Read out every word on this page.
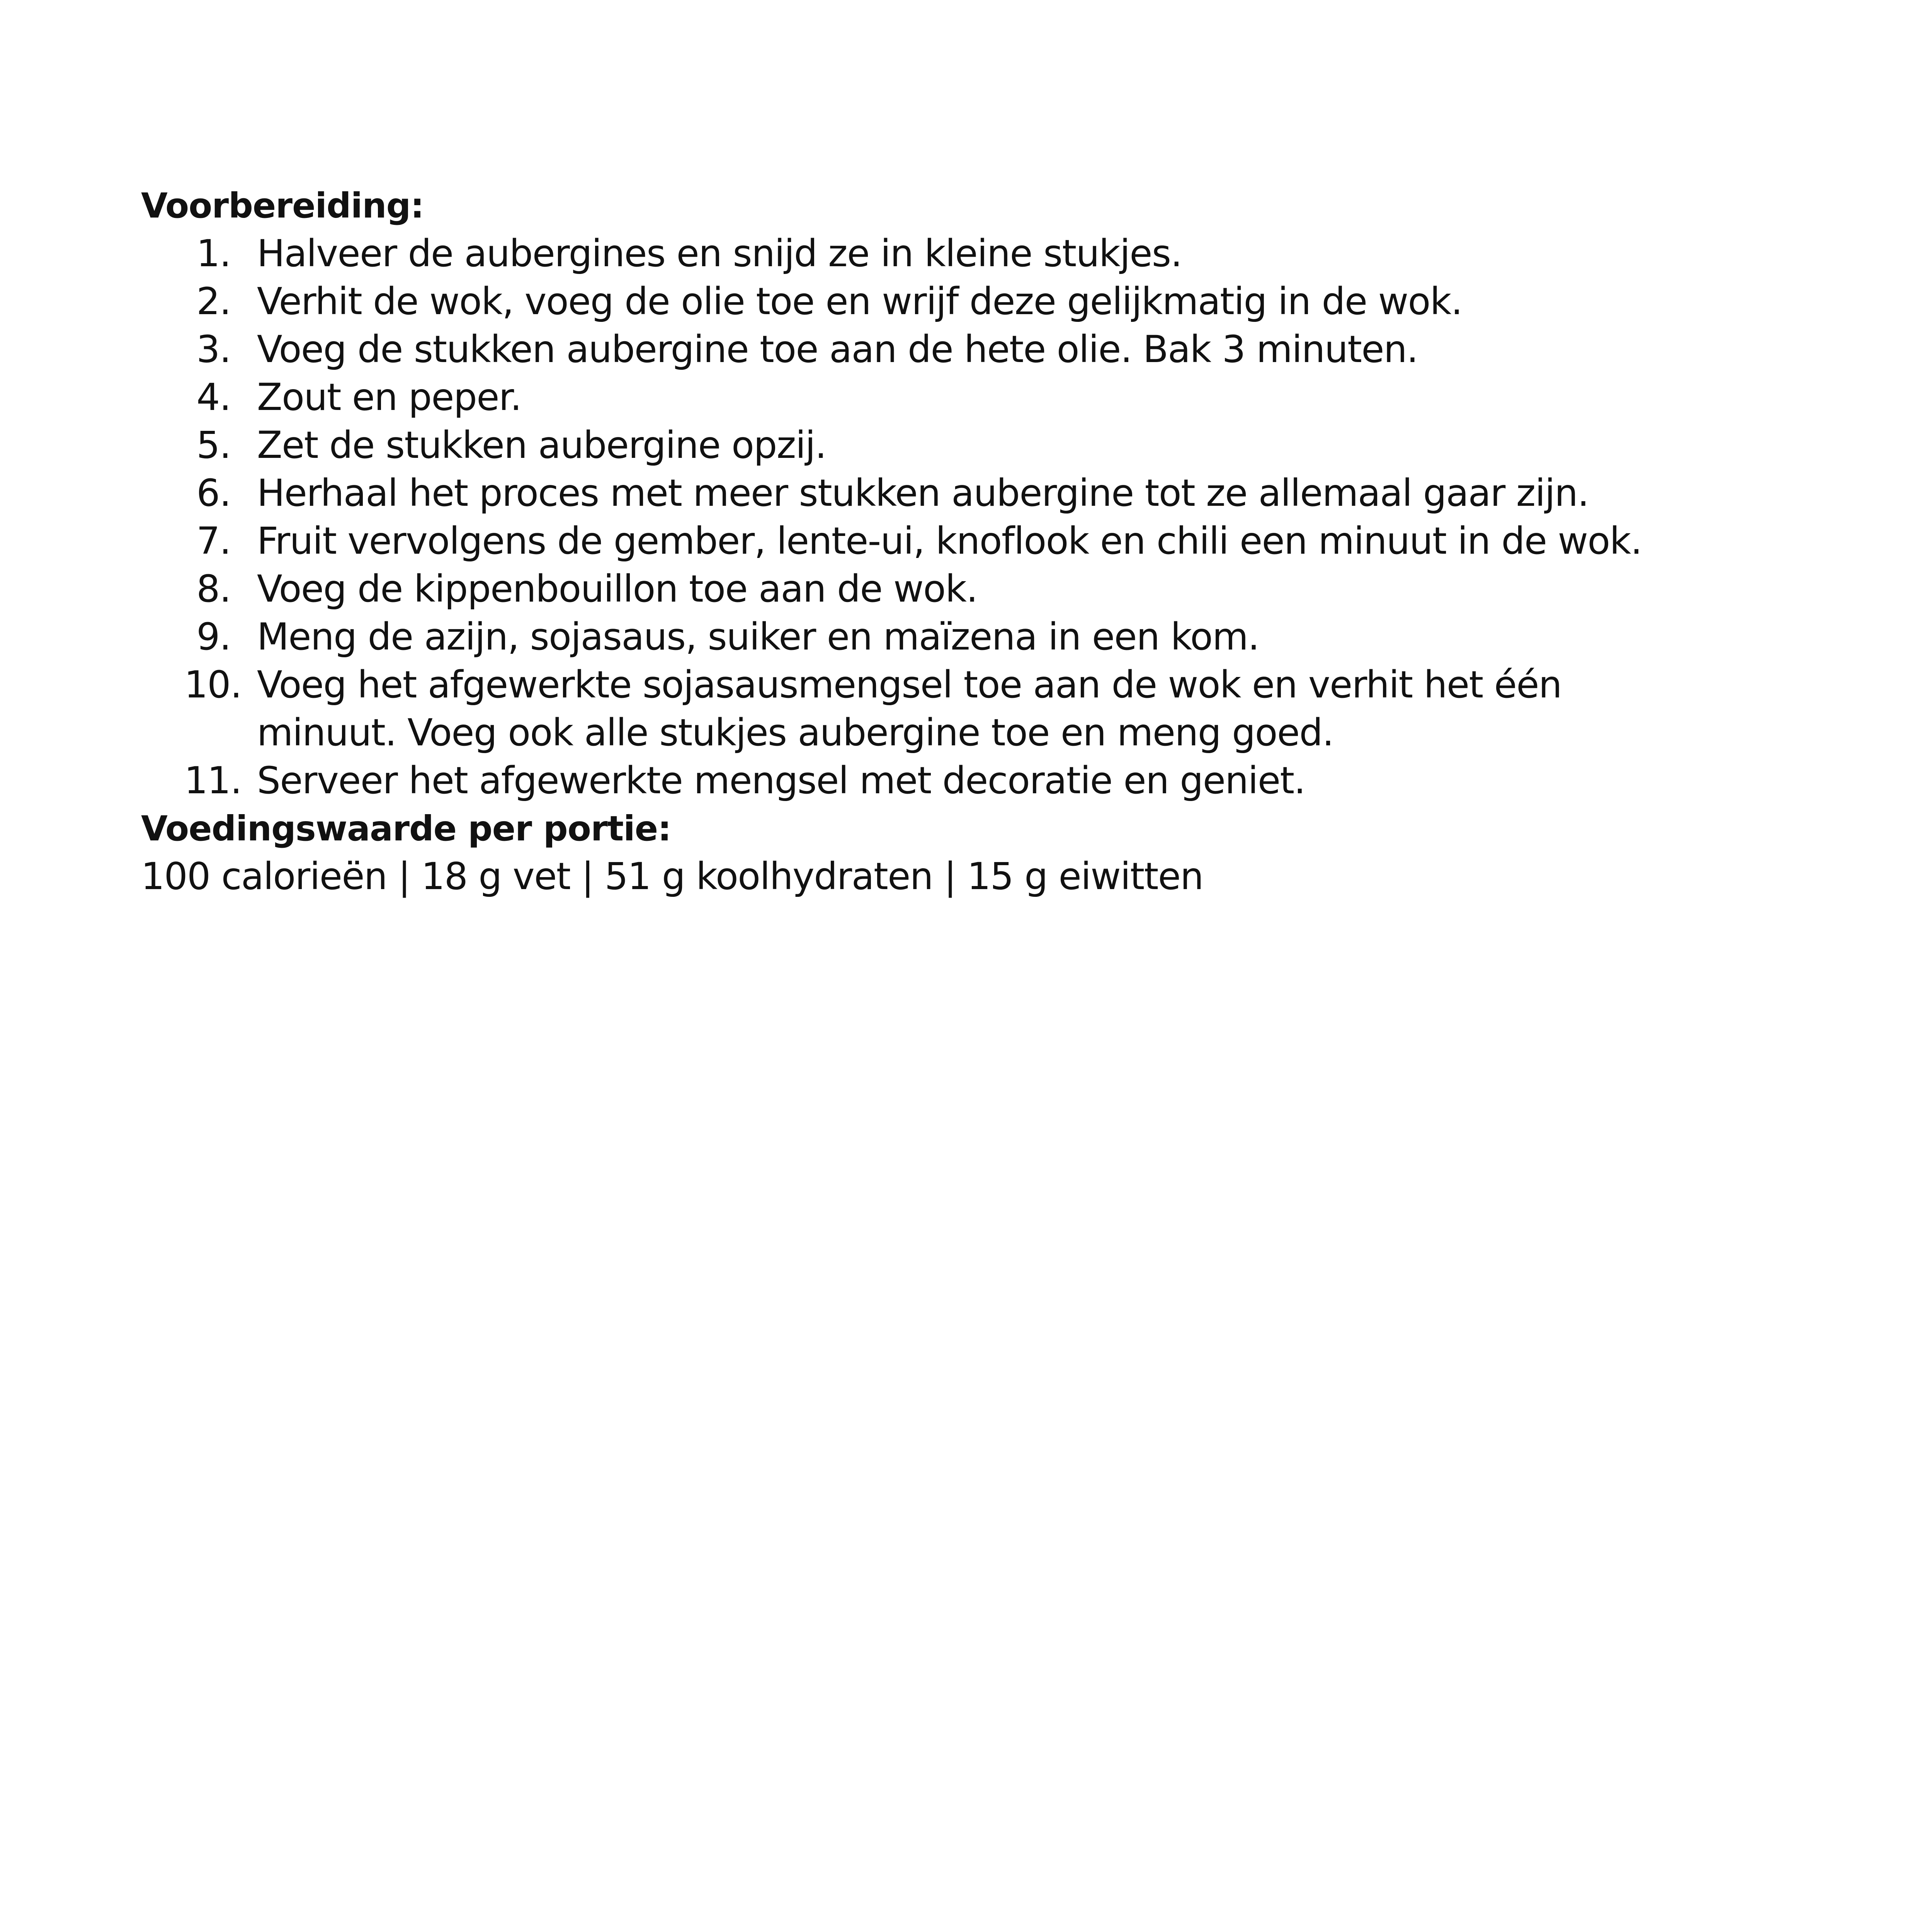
Voorbereiding:
1. Halveer de aubergines en snijd ze in kleine stukjes.
2. Verhit de wok, voeg de olie toe en wrijf deze gelijkmatig in de wok.
3. Voeg de stukken aubergine toe aan de hete olie. Bak 3 minuten.
4. Zout en peper.
5. Zet de stukken aubergine opzij.
6. Herhaal het proces met meer stukken aubergine tot ze allemaal gaar zijn.
7. Fruit vervolgens de gember, lente-ui, knoflook en chili een minuut in de wok.
8. Voeg de kippenbouillon toe aan de wok.
9. Meng de azijn, sojasaus, suiker en maïzena in een kom.
10. Voeg het afgewerkte sojasausmengsel toe aan de wok en verhit het één
minuut. Voeg ook alle stukjes aubergine toe en meng goed.
11. Serveer het afgewerkte mengsel met decoratie en geniet.
Voedingswaarde per portie:

100 calorieën | 18 g vet | 51 g koolhydraten | 15 g eiwitten
